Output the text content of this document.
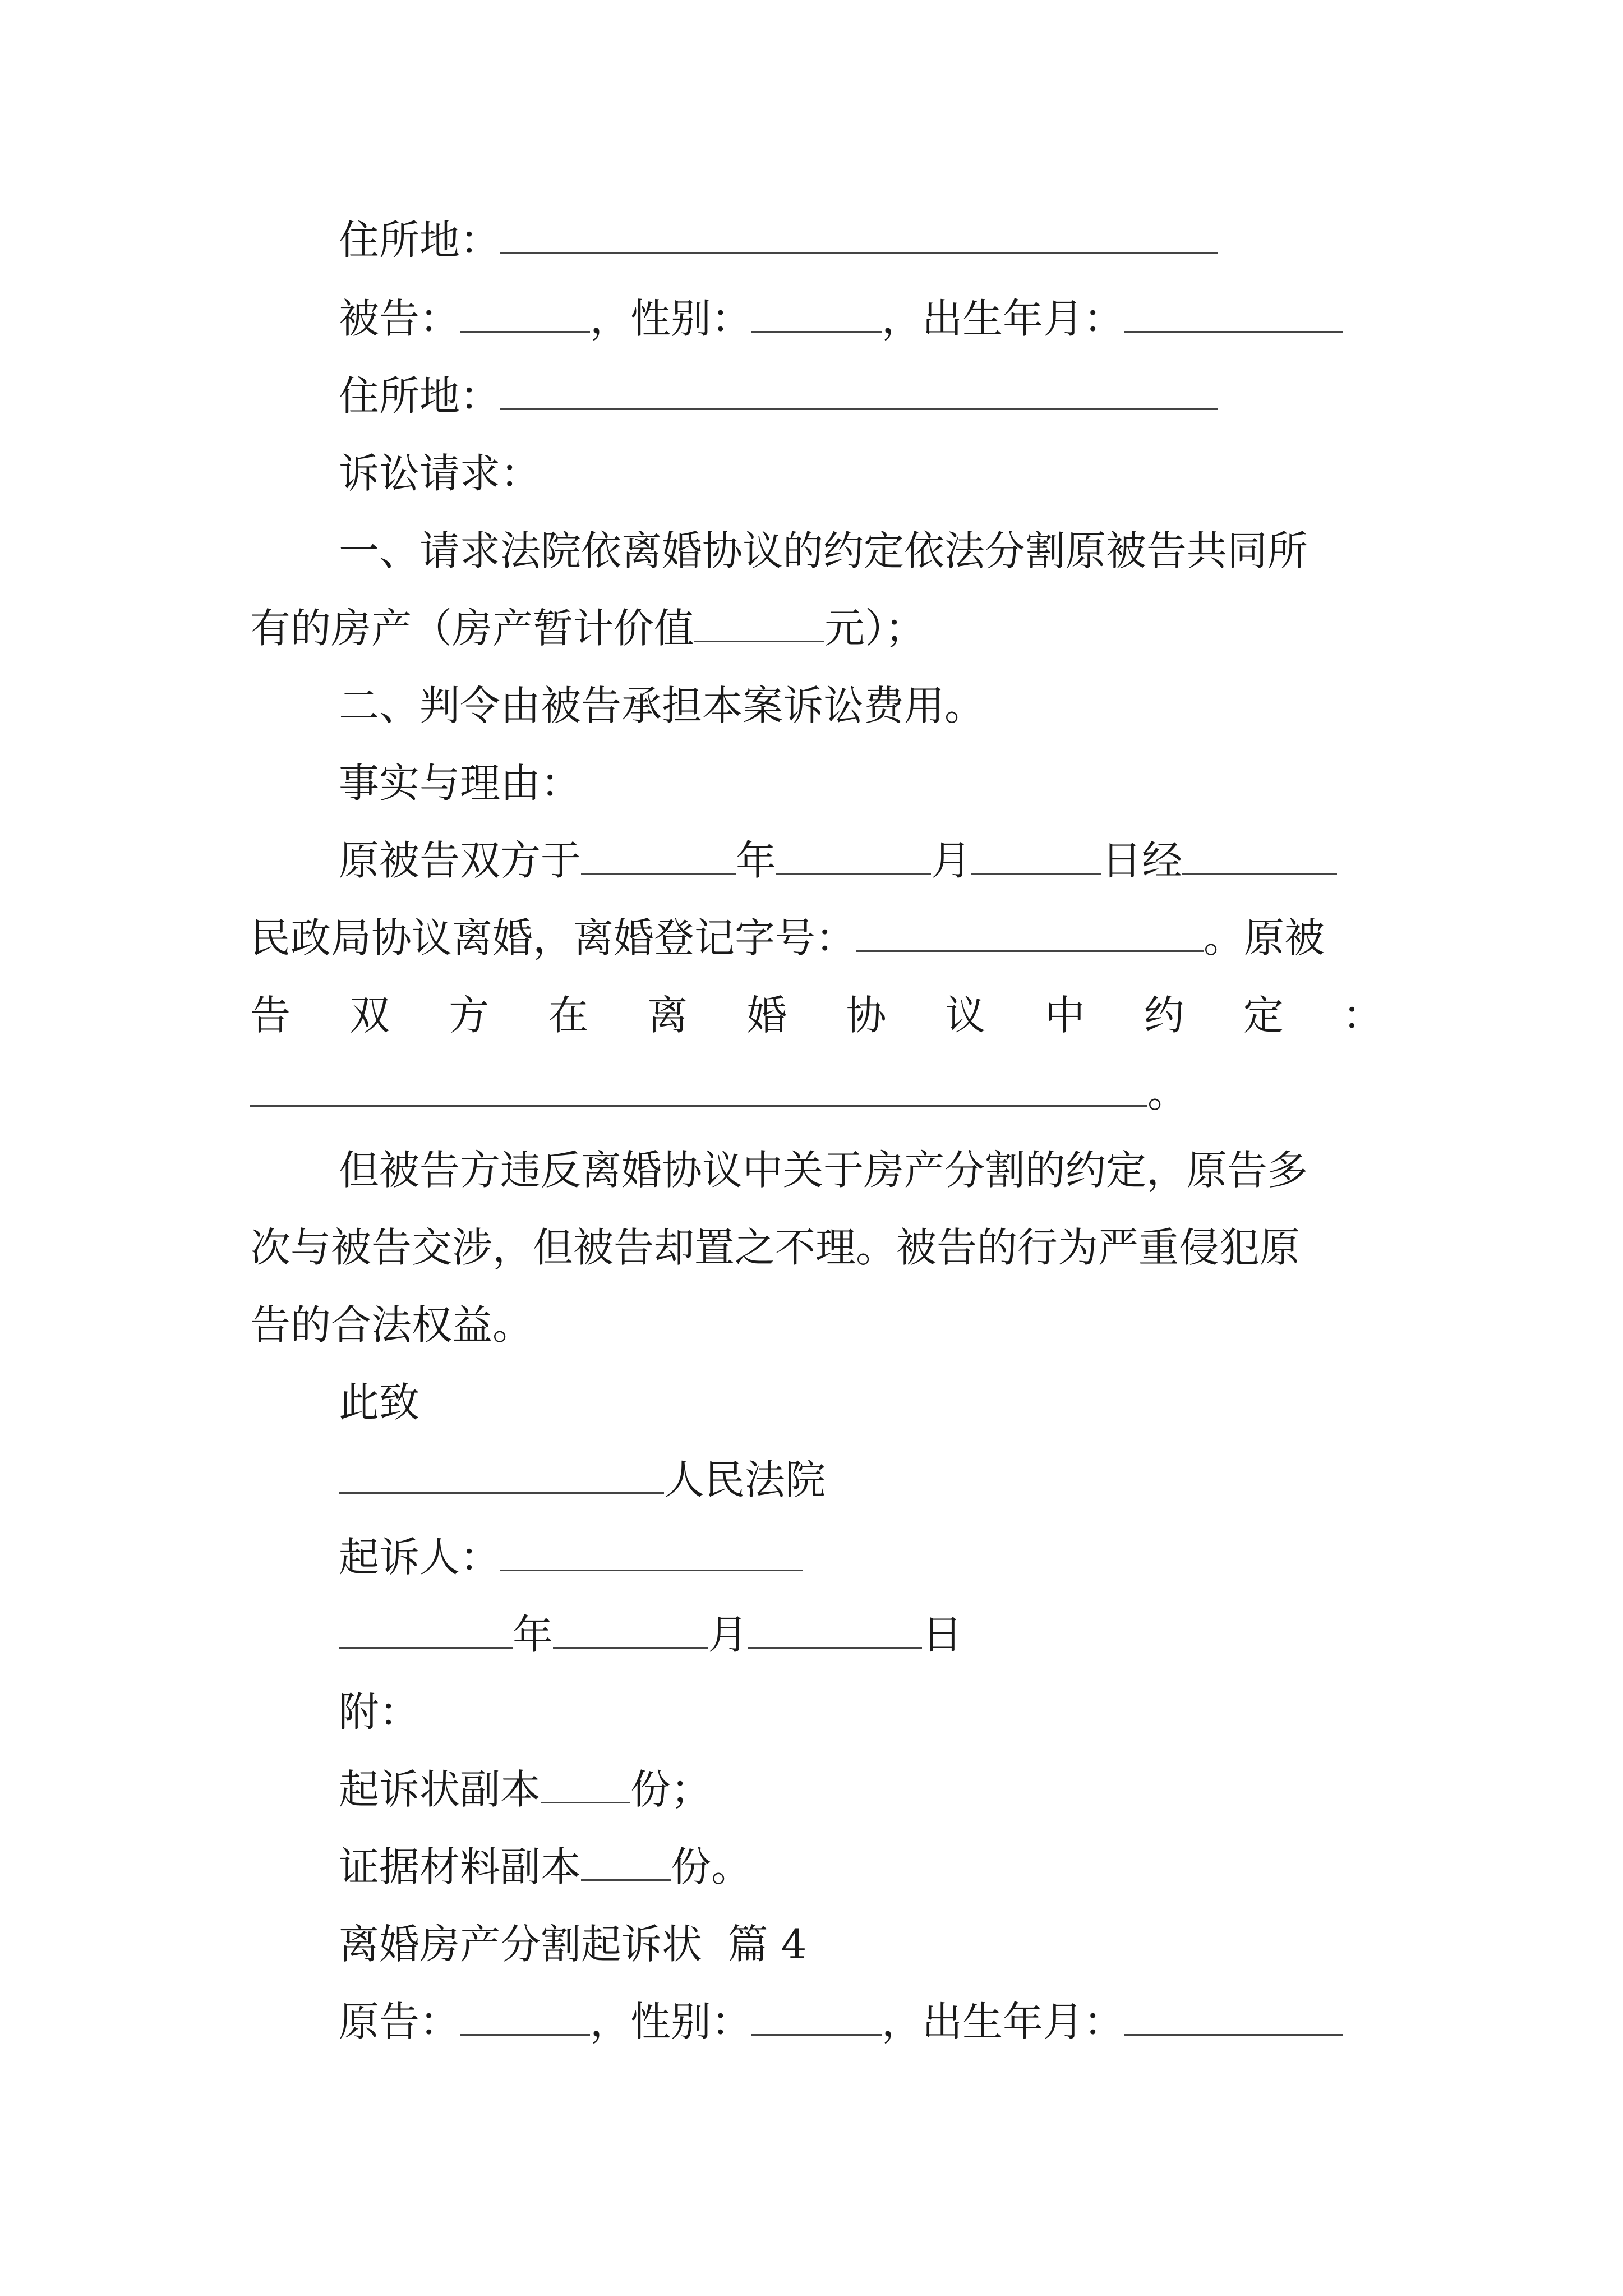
住所地：
被告：	，性别：	，出生年月：
住所地：
诉讼请求：
一、请求法院依离婚协议的约定依法分割原被告共同所
有的房产（房产暂计价值	元）；
二、判令由被告承担本案诉讼费用。
事实与理由：
原被告双方于	年	月	日经
民政局协议离婚，离婚登记字号：	。原被
告 双 方 在 离 婚 协 议 中 约 定 ：
。
但被告方违反离婚协议中关于房产分割的约定，原告多
次与被告交涉，但被告却置之不理。被告的行为严重侵犯原
告的合法权益。
此致
人民法院
起诉人：
年	月	日
附：
起诉状副本 份；
证据材料副本 份。
离婚房产分割起诉状  篇 4
原告：	，性别：	，出生年月：
